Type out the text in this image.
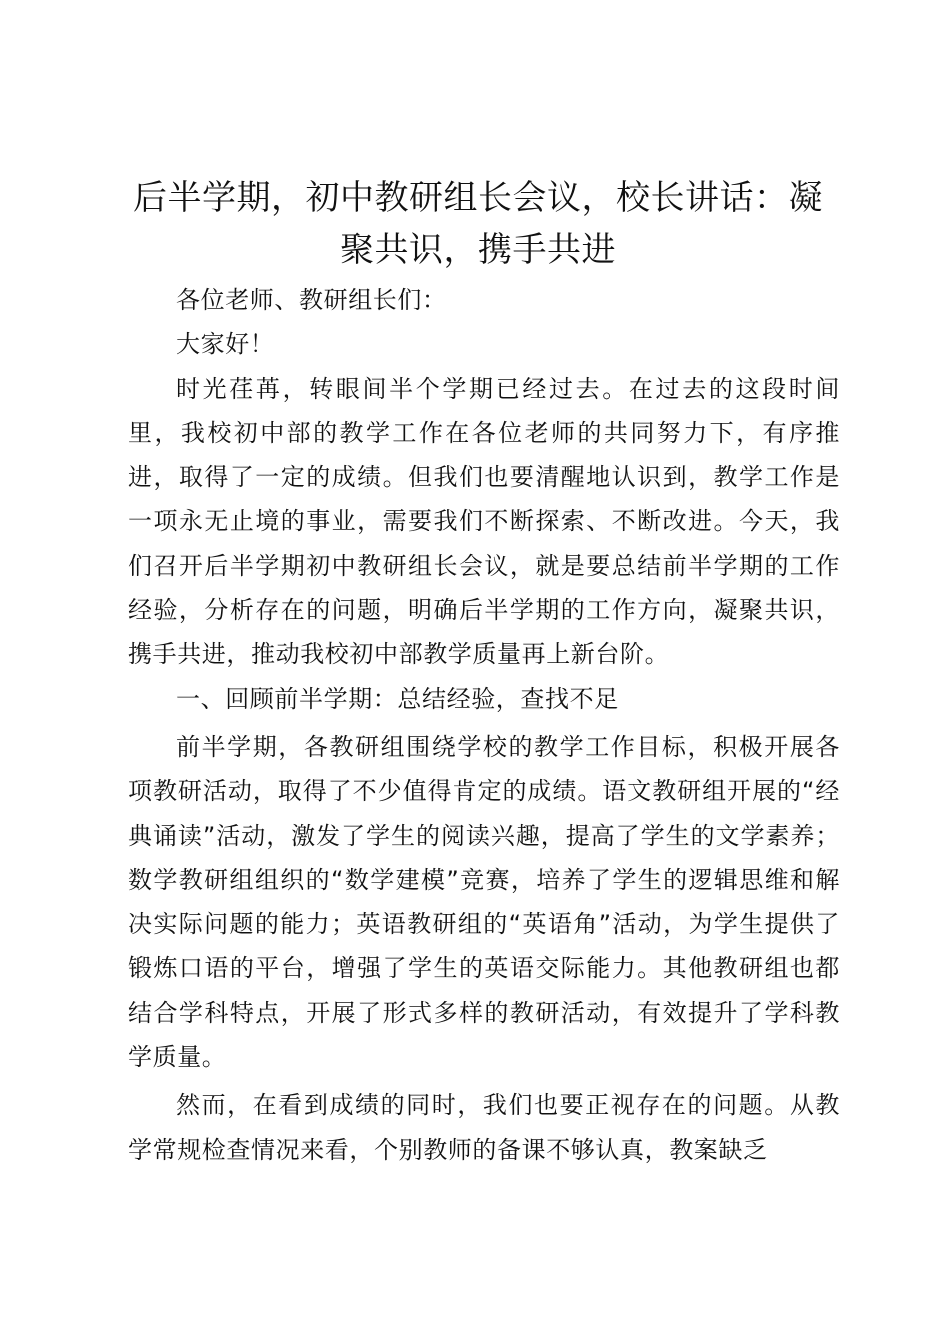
后半学期，初中教研组长会议，校长讲话：凝聚共识，携手共进

各位老师、教研组长们：

大家好！

时光荏苒，转眼间半个学期已经过去。在过去的这段时间里，我校初中部的教学工作在各位老师的共同努力下，有序推进，取得了一定的成绩。但我们也要清醒地认识到，教学工作是一项永无止境的事业，需要我们不断探索、不断改进。今天，我们召开后半学期初中教研组长会议，就是要总结前半学期的工作经验，分析存在的问题，明确后半学期的工作方向，凝聚共识，携手共进，推动我校初中部教学质量再上新台阶。

一、回顾前半学期：总结经验，查找不足

前半学期，各教研组围绕学校的教学工作目标，积极开展各项教研活动，取得了不少值得肯定的成绩。语文教研组开展的“经典诵读”活动，激发了学生的阅读兴趣，提高了学生的文学素养；数学教研组组织的“数学建模”竞赛，培养了学生的逻辑思维和解决实际问题的能力；英语教研组的“英语角”活动，为学生提供了锻炼口语的平台，增强了学生的英语交际能力。其他教研组也都结合学科特点，开展了形式多样的教研活动，有效提升了学科教学质量。

然而，在看到成绩的同时，我们也要正视存在的问题。从教学常规检查情况来看，个别教师的备课不够认真，教案缺乏
